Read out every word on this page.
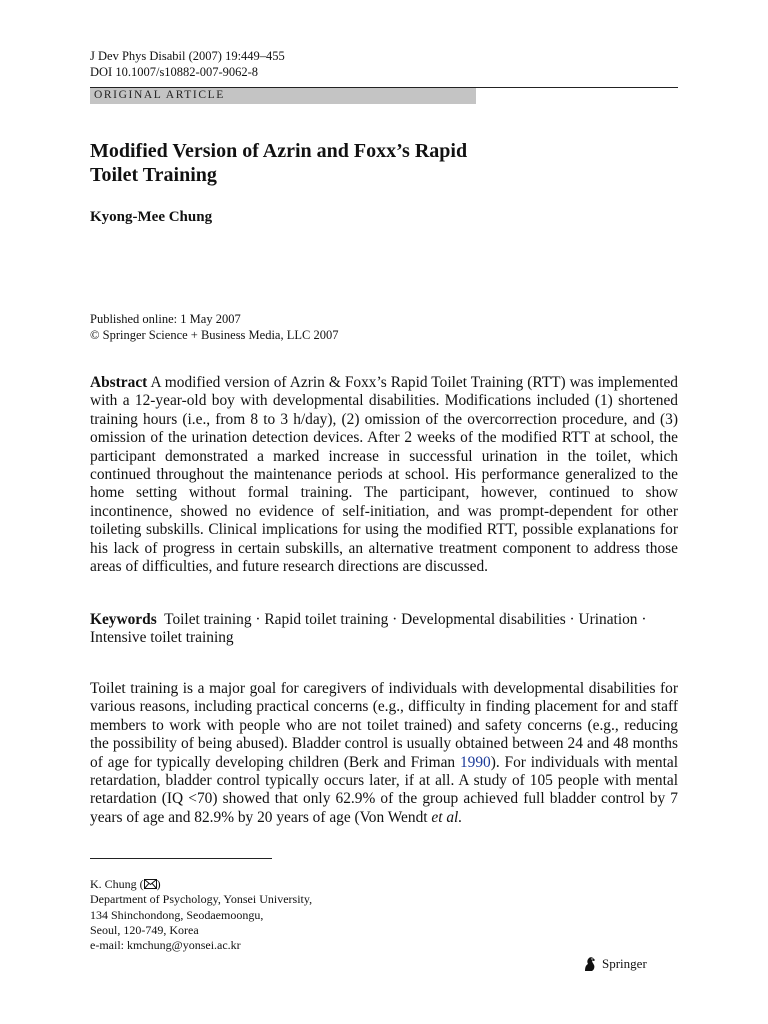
J Dev Phys Disabil (2007) 19:449–455
DOI 10.1007/s10882-007-9062-8
ORIGINAL ARTICLE
Modified Version of Azrin and Foxx’s Rapid
Toilet Training
Kyong-Mee Chung
Published online: 1 May 2007
© Springer Science + Business Media, LLC 2007
Abstract A modified version of Azrin & Foxx’s Rapid Toilet Training (RTT) was implemented with a 12-year-old boy with developmental disabilities. Modifications included (1) shortened training hours (i.e., from 8 to 3 h/day), (2) omission of the overcorrection procedure, and (3) omission of the urination detection devices. After 2 weeks of the modified RTT at school, the participant demonstrated a marked increase in successful urination in the toilet, which continued throughout the maintenance periods at school. His performance generalized to the home setting without formal training. The participant, however, continued to show incontinence, showed no evidence of self-initiation, and was prompt-dependent for other toileting subskills. Clinical implications for using the modified RTT, possible explanations for his lack of progress in certain subskills, an alternative treatment component to address those areas of difficulties, and future research directions are discussed.
Keywords Toilet training · Rapid toilet training · Developmental disabilities · Urination · Intensive toilet training
Toilet training is a major goal for caregivers of individuals with developmental disabilities for various reasons, including practical concerns (e.g., difficulty in finding placement for and staff members to work with people who are not toilet trained) and safety concerns (e.g., reducing the possibility of being abused). Bladder control is usually obtained between 24 and 48 months of age for typically developing children (Berk and Friman 1990). For individuals with mental retardation, bladder control typically occurs later, if at all. A study of 105 people with mental retardation (IQ <70) showed that only 62.9% of the group achieved full bladder control by 7 years of age and 82.9% by 20 years of age (Von Wendt et al.
K. Chung ( )
Department of Psychology, Yonsei University,
134 Shinchondong, Seodaemoongu,
Seoul, 120-749, Korea
e-mail: kmchung@yonsei.ac.kr
Springer
